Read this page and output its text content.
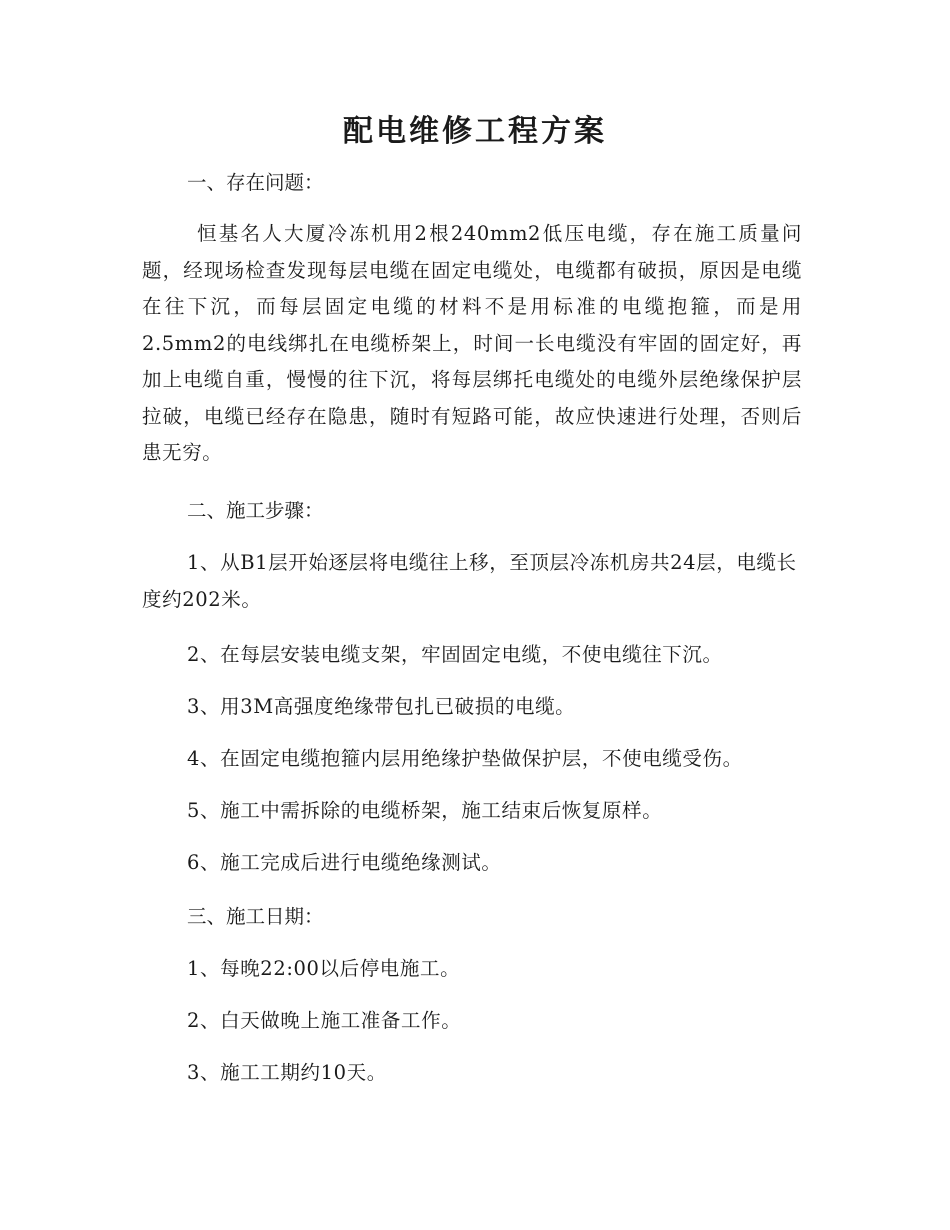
配电维修工程方案

一、存在问题：

恒基名人大厦冷冻机用2根240mm2低压电缆，存在施工质量问题，经现场检查发现每层电缆在固定电缆处，电缆都有破损，原因是电缆在往下沉，而每层固定电缆的材料不是用标准的电缆抱箍，而是用2.5mm2的电线绑扎在电缆桥架上，时间一长电缆没有牢固的固定好，再加上电缆自重，慢慢的往下沉，将每层绑托电缆处的电缆外层绝缘保护层拉破，电缆已经存在隐患，随时有短路可能，故应快速进行处理，否则后患无穷。

二、施工步骤：

1、从B1层开始逐层将电缆往上移，至顶层冷冻机房共24层，电缆长度约202米。

2、在每层安装电缆支架，牢固固定电缆，不使电缆往下沉。

3、用3M高强度绝缘带包扎已破损的电缆。

4、在固定电缆抱箍内层用绝缘护垫做保护层，不使电缆受伤。

5、施工中需拆除的电缆桥架，施工结束后恢复原样。

6、施工完成后进行电缆绝缘测试。

三、施工日期：

1、每晚22:00以后停电施工。

2、白天做晚上施工准备工作。

3、施工工期约10天。
